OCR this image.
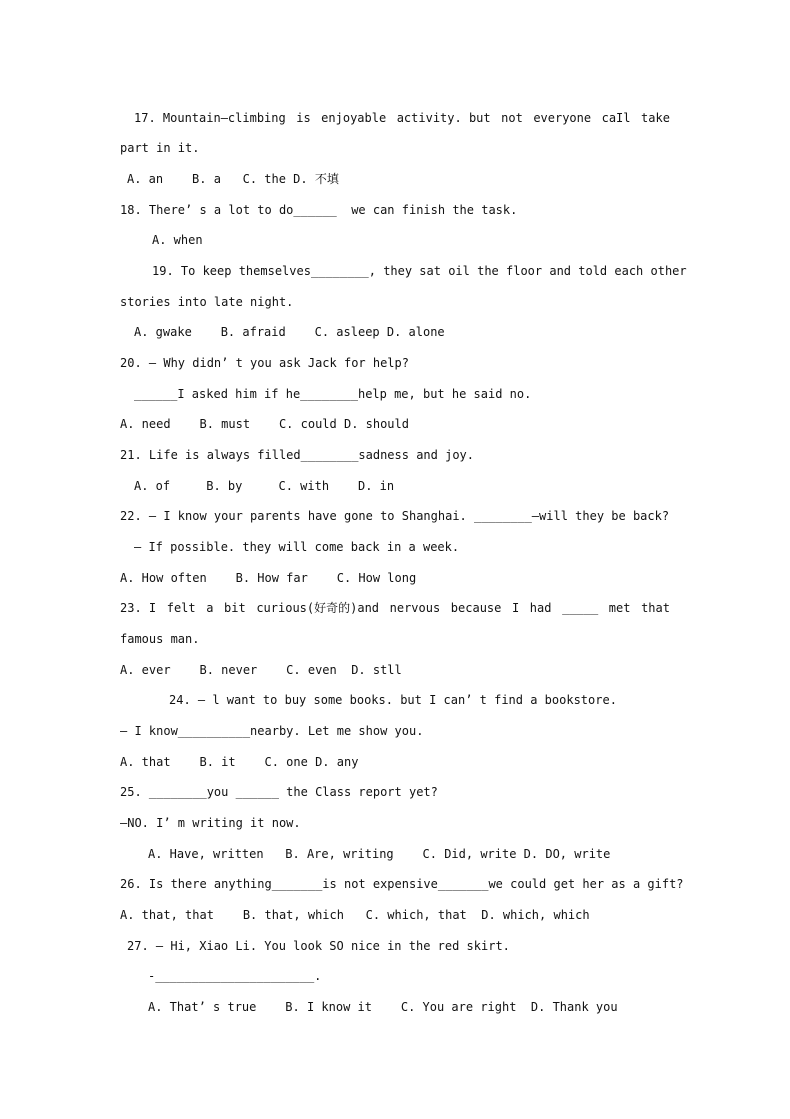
17. Mountain—climbing is enjoyable activity. but not everyone caIl take
part in it.
A. an    B. a   C. the D. 不填
18. There’ s a lot to do______  we can finish the task.
A. when
19. To keep themselves________, they sat oil the floor and told each other
stories into late night.
A. gwake    B. afraid    C. asleep D. alone
20. — Why didn’ t you ask Jack for help?
______I asked him if he________help me, but he said no.
A. need    B. must    C. could D. should
21. Life is always filled________sadness and joy.
A. of     B. by     C. with    D. in
22. — I know your parents have gone to Shanghai. ________—will they be back?
— If possible. they will come back in a week.
A. How often    B. How far    C. How long
23. I felt a bit curious(好奇的)and nervous because I had _____ met that
famous man.
A. ever    B. never    C. even  D. stll
24. — l want to buy some books. but I can’ t find a bookstore.
— I know__________nearby. Let me show you.
A. that    B. it    C. one D. any
25. ________you ______ the Class report yet?
—NO. I’ m writing it now.
A. Have, written   B. Are, writing    C. Did, write D. DO, write
26. Is there anything_______is not expensive_______we could get her as a gift?
A. that, that    B. that, which   C. which, that  D. which, which
27. — Hi, Xiao Li. You look SO nice in the red skirt.
-______________________.
A. That’ s true    B. I know it    C. You are right  D. Thank you
